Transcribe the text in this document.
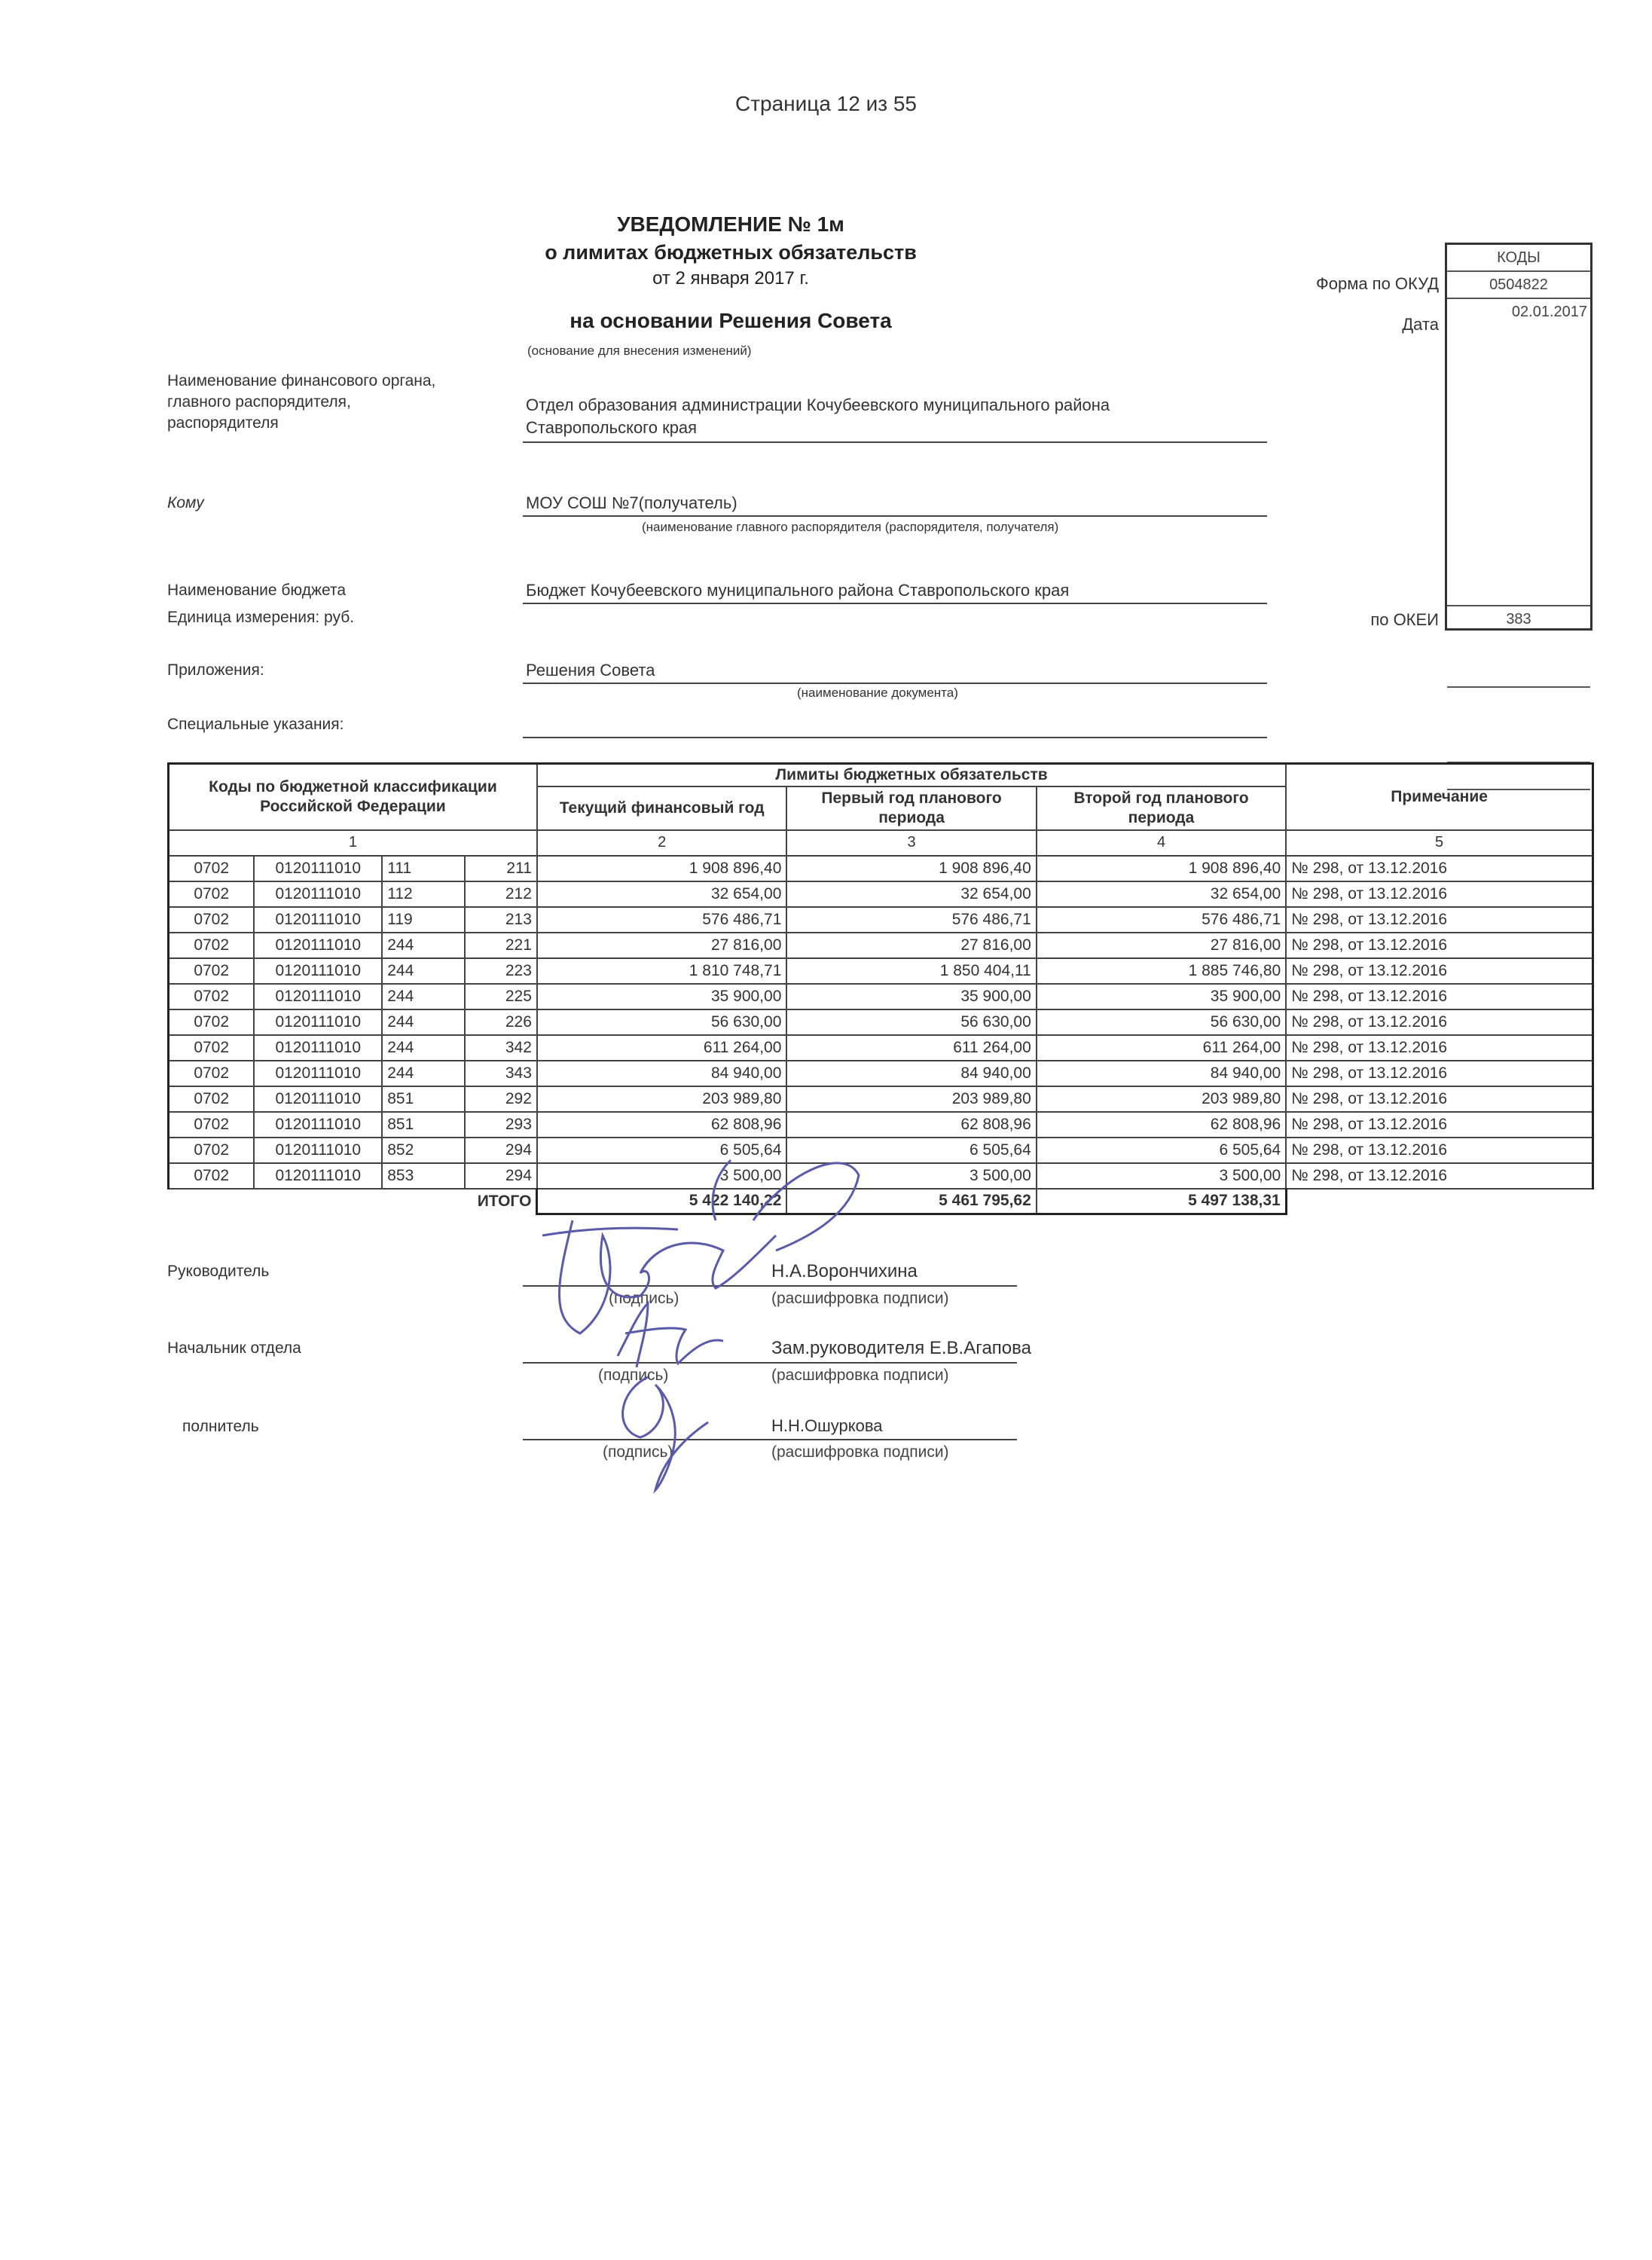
Страница 12 из 55
УВЕДОМЛЕНИЕ № 1м
о лимитах бюджетных обязательств
от 2 января 2017 г.
на основании Решения Совета
(основание для внесения изменений)
КОДЫ
0504822
02.01.2017
383
Форма по ОКУД
Дата
по ОКЕИ
Наименование финансового органа,
главного распорядителя,
распорядителя
Отдел образования администрации Кочубеевского муниципального района
Ставропольского края
Кому	МОУ СОШ №7(получатель)
(наименование главного распорядителя (распорядителя, получателя)
Наименование бюджета	Бюджет Кочубеевского муниципального района Ставропольского края
Единица измерения: руб.
Приложения:	Решения Совета
(наименование документа)
Специальные указания:
Коды по бюджетной классификации Российской Федерации				Лимиты бюджетных обязательств			Примечание
				Текущий финансовый год	Первый год планового периода	Второй год планового периода	
1				2	3	4	5
0702	0120111010	111	211	1 908 896,40	1 908 896,40	1 908 896,40	№ 298, от 13.12.2016
0702	0120111010	112	212	32 654,00	32 654,00	32 654,00	№ 298, от 13.12.2016
0702	0120111010	119	213	576 486,71	576 486,71	576 486,71	№ 298, от 13.12.2016
0702	0120111010	244	221	27 816,00	27 816,00	27 816,00	№ 298, от 13.12.2016
0702	0120111010	244	223	1 810 748,71	1 850 404,11	1 885 746,80	№ 298, от 13.12.2016
0702	0120111010	244	225	35 900,00	35 900,00	35 900,00	№ 298, от 13.12.2016
0702	0120111010	244	226	56 630,00	56 630,00	56 630,00	№ 298, от 13.12.2016
0702	0120111010	244	342	611 264,00	611 264,00	611 264,00	№ 298, от 13.12.2016
0702	0120111010	244	343	84 940,00	84 940,00	84 940,00	№ 298, от 13.12.2016
0702	0120111010	851	292	203 989,80	203 989,80	203 989,80	№ 298, от 13.12.2016
0702	0120111010	851	293	62 808,96	62 808,96	62 808,96	№ 298, от 13.12.2016
0702	0120111010	852	294	6 505,64	6 505,64	6 505,64	№ 298, от 13.12.2016
0702	0120111010	853	294	3 500,00	3 500,00	3 500,00	№ 298, от 13.12.2016
ИТОГО				5 422 140,22	5 461 795,62	5 497 138,31	
Руководитель	Н.А.Ворончихина
(подпись)	(расшифровка подписи)
Начальник отдела	Зам.руководителя Е.В.Агапова
(подпись)	(расшифровка подписи)
полнитель	Н.Н.Ошуркова
(подпись)	(расшифровка подписи)
